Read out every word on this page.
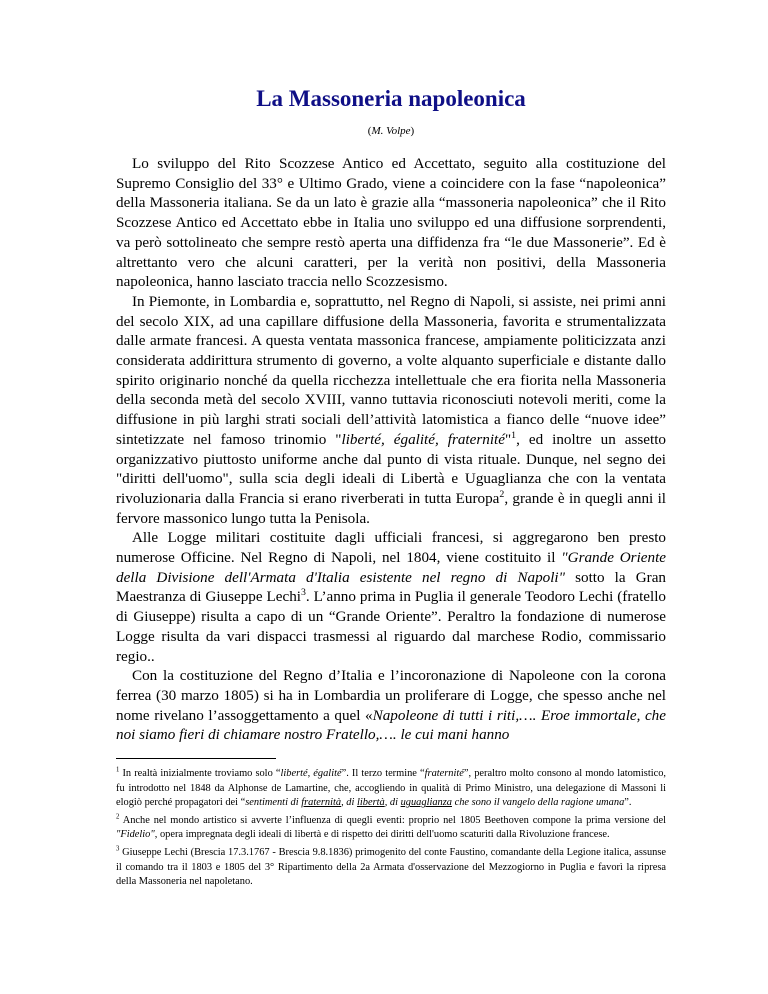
La Massoneria napoleonica
(M. Volpe)

Lo sviluppo del Rito Scozzese Antico ed Accettato, seguito alla costituzione del Supremo Consiglio del 33° e Ultimo Grado, viene a coincidere con la fase “napoleonica” della Massoneria italiana. Se da un lato è grazie alla “massoneria napoleonica” che il Rito Scozzese Antico ed Accettato ebbe in Italia uno sviluppo ed una diffusione sorprendenti, va però sottolineato che sempre restò aperta una diffidenza fra “le due Massonerie”. Ed è altrettanto vero che alcuni caratteri, per la verità non positivi, della Massoneria napoleonica, hanno lasciato traccia nello Scozzesismo.

In Piemonte, in Lombardia e, soprattutto, nel Regno di Napoli, si assiste, nei primi anni del secolo XIX, ad una capillare diffusione della Massoneria, favorita e strumentalizzata dalle armate francesi. A questa ventata massonica francese, ampiamente politicizzata anzi considerata addirittura strumento di governo, a volte alquanto superficiale e distante dallo spirito originario nonché da quella ricchezza intellettuale che era fiorita nella Massoneria della seconda metà del secolo XVIII, vanno tuttavia riconosciuti notevoli meriti, come la diffusione in più larghi strati sociali dell’attività latomistica a fianco delle “nuove idee” sintetizzate nel famoso trinomio "liberté, égalité, fraternité"$^1$, ed inoltre un assetto organizzativo piuttosto uniforme anche dal punto di vista rituale. Dunque, nel segno dei "diritti dell'uomo", sulla scia degli ideali di Libertà e Uguaglianza che con la ventata rivoluzionaria dalla Francia si erano riverberati in tutta Europa$^2$, grande è in quegli anni il fervore massonico lungo tutta la Penisola.

Alle Logge militari costituite dagli ufficiali francesi, si aggregarono ben presto numerose Officine. Nel Regno di Napoli, nel 1804, viene costituito il "Grande Oriente della Divisione dell'Armata d'Italia esistente nel regno di Napoli" sotto la Gran Maestranza di Giuseppe Lechi$^3$. L’anno prima in Puglia il generale Teodoro Lechi (fratello di Giuseppe) risulta a capo di un “Grande Oriente”. Peraltro la fondazione di numerose Logge risulta da vari dispacci trasmessi al riguardo dal marchese Rodio, commissario regio..

Con la costituzione del Regno d’Italia e l’incoronazione di Napoleone con la corona ferrea (30 marzo 1805) si ha in Lombardia un proliferare di Logge, che spesso anche nel nome rivelano l’assoggettamento a quel «Napoleone di tutti i riti,…. Eroe immortale, che noi siamo fieri di chiamare nostro Fratello,…. le cui mani hanno

$^1$ In realtà inizialmente troviamo solo “liberté, égalité”. Il terzo termine “fraternité”, peraltro molto consono al mondo latomistico, fu introdotto nel 1848 da Alphonse de Lamartine, che, accogliendo in qualità di Primo Ministro, una delegazione di Massoni li elogiò perché propagatori dei “sentimenti di fraternità, di libertà, di uguaglianza che sono il vangelo della ragione umana”.

$^2$ Anche nel mondo artistico si avverte l’influenza di quegli eventi: proprio nel 1805 Beethoven compone la prima versione del "Fidelio", opera impregnata degli ideali di libertà e di rispetto dei diritti dell'uomo scaturiti dalla Rivoluzione francese.

$^3$ Giuseppe Lechi (Brescia 17.3.1767 - Brescia 9.8.1836) primogenito del conte Faustino, comandante della Legione italica, assunse il comando tra il 1803 e 1805 del 3° Ripartimento della 2a Armata d'osservazione del Mezzogiorno in Puglia e favorì la ripresa della Massoneria nel napoletano.
